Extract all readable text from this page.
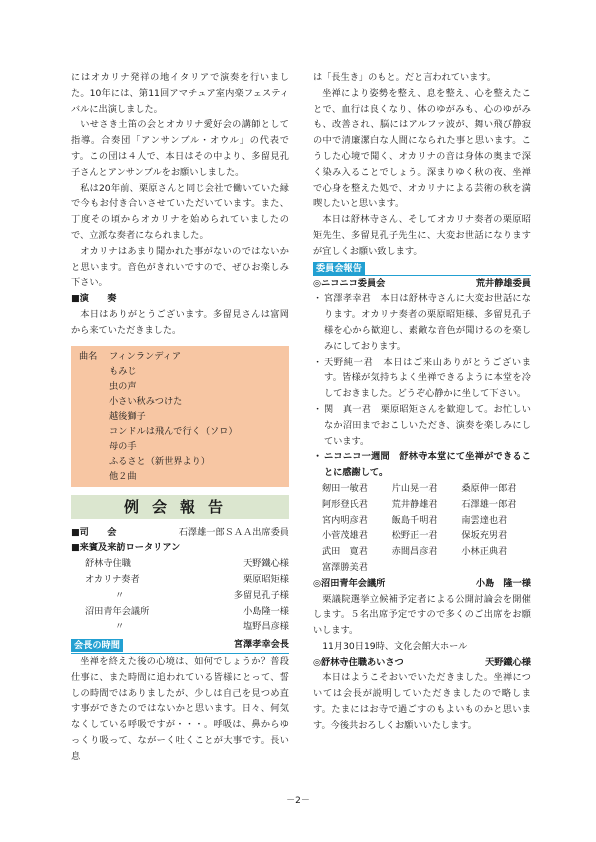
にはオカリナ発祥の地イタリアで演奏を行いました。10年には、第11回アマチュア室内楽フェスティバルに出演しました。

いせさき土笛の会とオカリナ愛好会の講師として指導。合奏団「アンサンブル・オウル」の代表です。この団は４人で、本日はその中より、多留見孔子さんとアンサンブルをお願いしました。

私は20年前、栗原さんと同じ会社で働いていた縁で今もお付き合いさせていただいています。また、丁度その頃からオカリナを始められていましたので、立派な奏者になられました。

オカリナはあまり聞かれた事がないのではないかと思います。音色がきれいですので、ぜひお楽しみ下さい。

■演　　奏

本日はありがとうございます。多留見さんは富岡から来ていただきました。

曲名	フィンランディア
もみじ
虫の声
小さい秋みつけた
越後獅子
コンドルは飛んで行く（ソロ）
母の手
ふるさと（新世界より）
他２曲
例会報告
■司　　会	石澤雄一郎ＳＡＡ出席委員
■来賓及来訪ロータリアン
舒林寺住職	天野鐵心様
オカリナ奏者	栗原昭矩様
〃	多留見孔子様
沼田青年会議所	小島隆一様
〃	塩野昌彦様
会長の時間	宮澤孝幸会長

坐禅を終えた後の心境は、如何でしょうか？普段仕事に、また時間に追われている皆様にとって、誓しの時間ではありましたが、少しは自己を見つめ直す事ができたのではないかと思います。日々、何気なくしている呼吸ですが・・・。呼吸は、鼻からゆっくり吸って、ながーく吐くことが大事です。長い息

は「長生き」のもと。だと言われています。

坐禅により姿勢を整え、息を整え、心を整えたことで、血行は良くなり、体のゆがみも、心のゆがみも、改善され、脳にはアルファ波が、舞い飛び静寂の中で清廉潔白な人間になられた事と思います。こうした心境で聞く、オカリナの音は身体の奥まで深く染み入ることでしょう。深まりゆく秋の夜、坐禅で心身を整えた処で、オカリナによる芸術の秋を満喫したいと思います。

本日は舒林寺さん、そしてオカリナ奏者の栗原昭矩先生、多留見孔子先生に、大変お世話になりますが宜しくお願い致します。

委員会報告
◎ニコニコ委員会	荒井静雄委員
・ 宮澤孝幸君　本日は舒林寺さんに大変お世話になります。オカリナ奏者の栗原昭矩様、多留見孔子様を心から歓迎し、素敵な音色が聞けるのを楽しみにしております。
・ 天野純一君　本日はご来山ありがとうございます。皆様が気持ちよく坐禅できるように本堂を冷しておきました。どうぞ心静かに坐して下さい。
・ 関　真一君　栗原昭矩さんを歓迎して。お忙しいなか沼田までおこしいただき、演奏を楽しみにしています。
・ ニコニコ一週間　舒林寺本堂にて坐禅ができることに感謝して。
剱田一敏君	片山晃一君	桑原伸一郎君
阿形登氏君	荒井静雄君	石澤雄一郎君
宮内明彦君	飯島千明君	南雲達也君
小菅茂雄君	松野正一君	保坂充男君
武田　寛君	赤間昌彦君	小林正典君
富澤勝美君
◎沼田青年会議所	小島　隆一様

栗議院選挙立候補予定者による公開討論会を開催します。５名出席予定ですので多くのご出席をお願いします。

11月30日19時、文化会館大ホール

◎舒林寺住職あいさつ	天野鐵心様

本日はようこそおいでいただきました。坐禅については会長が説明していただきましたので略します。たまにはお寺で過ごすのもよいものかと思います。今後共おろしくお願いいたします。

－2－
